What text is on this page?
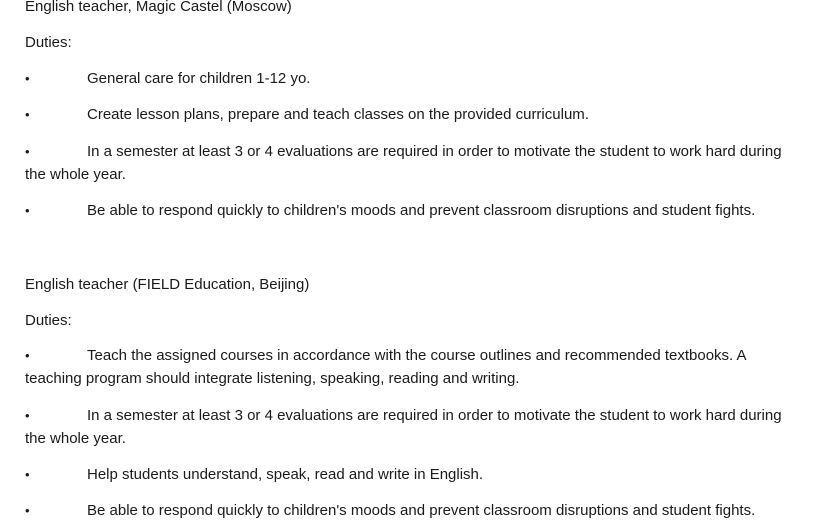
English teacher, Magic Castel (Moscow)
Duties:
•	General care for children 1-12 yo.
•	Create lesson plans, prepare and teach classes on the provided curriculum.
•	In a semester at least 3 or 4 evaluations are required in order to motivate the student to work hard during the whole year.
•	Be able to respond quickly to children's moods and prevent classroom disruptions and student fights.
English teacher (FIELD Education, Beijing)
Duties:
•	Teach the assigned courses in accordance with the course outlines and recommended textbooks. A teaching program should integrate listening, speaking, reading and writing.
•	In a semester at least 3 or 4 evaluations are required in order to motivate the student to work hard during the whole year.
•	Help students understand, speak, read and write in English.
•	Be able to respond quickly to children's moods and prevent classroom disruptions and student fights.
